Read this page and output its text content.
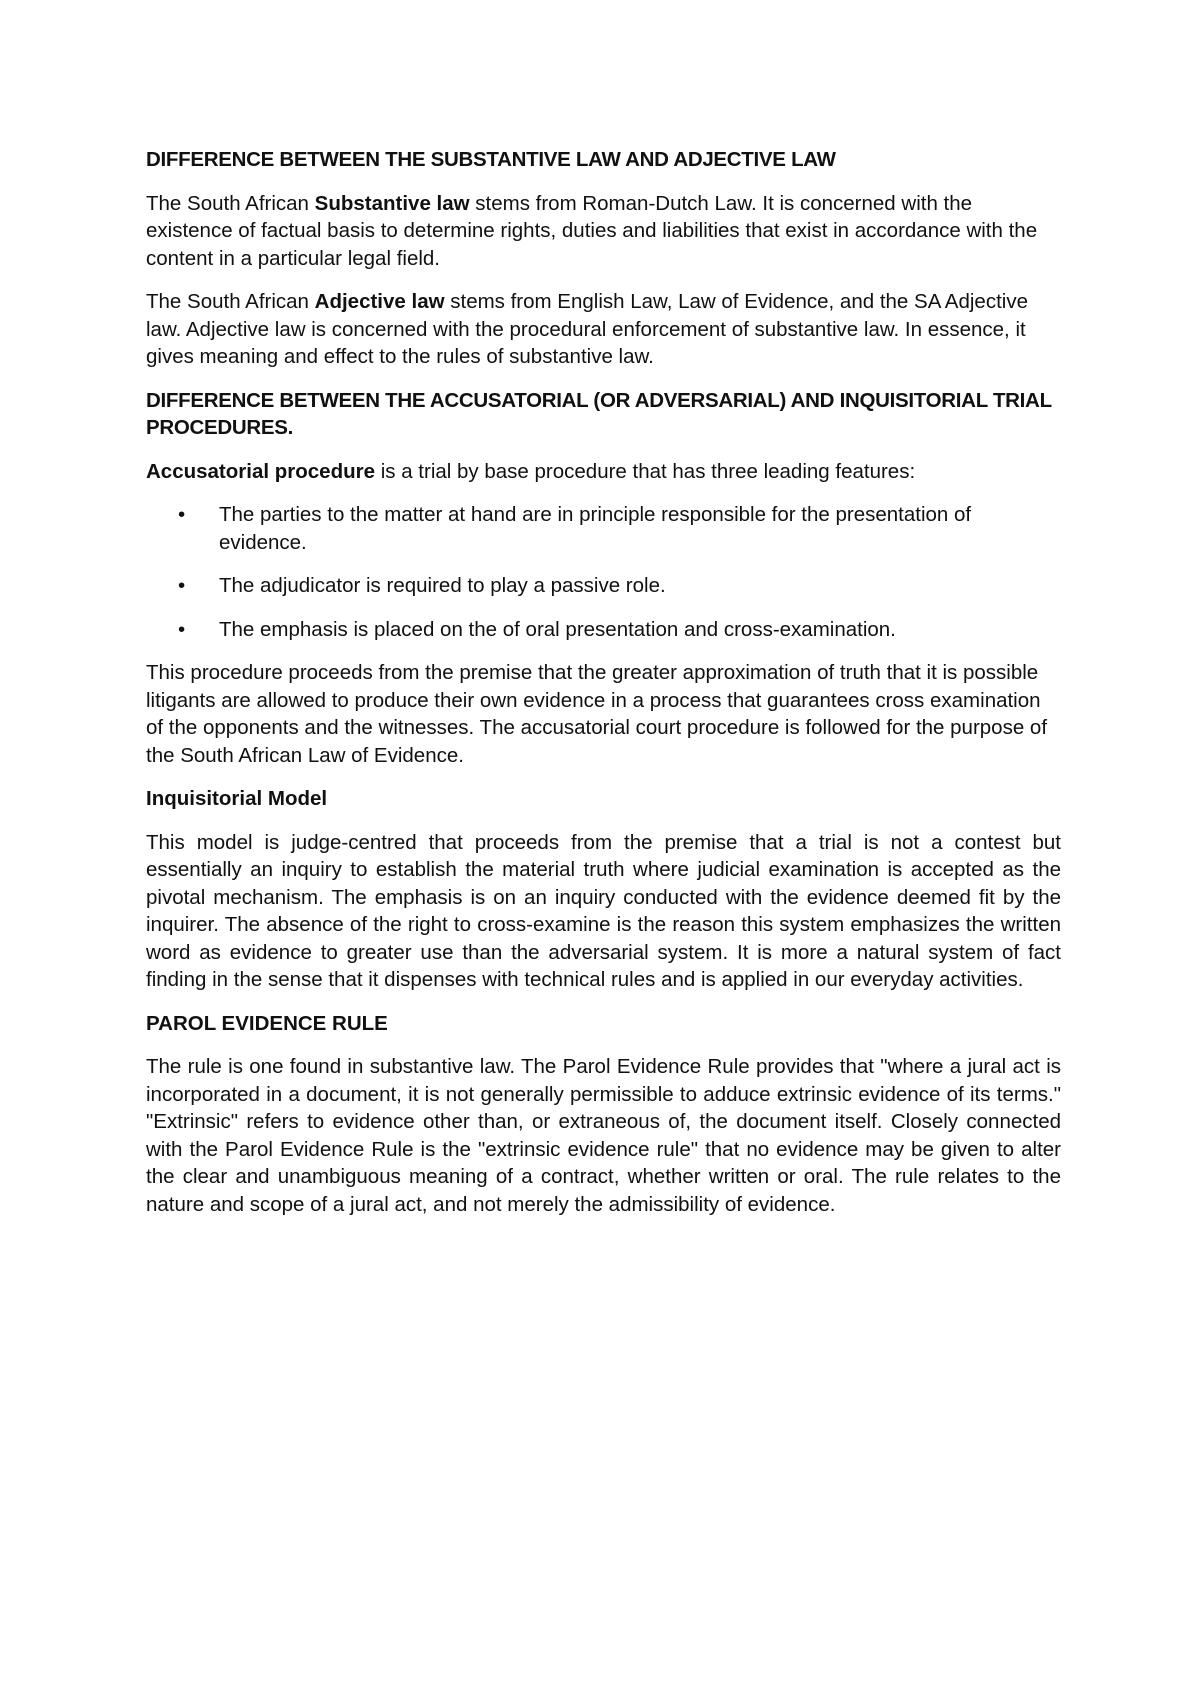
DIFFERENCE BETWEEN THE SUBSTANTIVE LAW AND ADJECTIVE LAW

The South African Substantive law stems from Roman-Dutch Law. It is concerned with the existence of factual basis to determine rights, duties and liabilities that exist in accordance with the content in a particular legal field.

The South African Adjective law stems from English Law, Law of Evidence, and the SA Adjective law. Adjective law is concerned with the procedural enforcement of substantive law. In essence, it gives meaning and effect to the rules of substantive law.

DIFFERENCE BETWEEN THE ACCUSATORIAL (OR ADVERSARIAL) AND INQUISITORIAL TRIAL PROCEDURES.

Accusatorial procedure is a trial by base procedure that has three leading features:

• The parties to the matter at hand are in principle responsible for the presentation of evidence.
• The adjudicator is required to play a passive role.
• The emphasis is placed on the of oral presentation and cross-examination.

This procedure proceeds from the premise that the greater approximation of truth that it is possible litigants are allowed to produce their own evidence in a process that guarantees cross examination of the opponents and the witnesses. The accusatorial court procedure is followed for the purpose of the South African Law of Evidence.

Inquisitorial Model

This model is judge-centred that proceeds from the premise that a trial is not a contest but essentially an inquiry to establish the material truth where judicial examination is accepted as the pivotal mechanism. The emphasis is on an inquiry conducted with the evidence deemed fit by the inquirer. The absence of the right to cross-examine is the reason this system emphasizes the written word as evidence to greater use than the adversarial system. It is more a natural system of fact finding in the sense that it dispenses with technical rules and is applied in our everyday activities.

PAROL EVIDENCE RULE

The rule is one found in substantive law. The Parol Evidence Rule provides that "where a jural act is incorporated in a document, it is not generally permissible to adduce extrinsic evidence of its terms." "Extrinsic" refers to evidence other than, or extraneous of, the document itself. Closely connected with the Parol Evidence Rule is the "extrinsic evidence rule" that no evidence may be given to alter the clear and unambiguous meaning of a contract, whether written or oral. The rule relates to the nature and scope of a jural act, and not merely the admissibility of evidence.
